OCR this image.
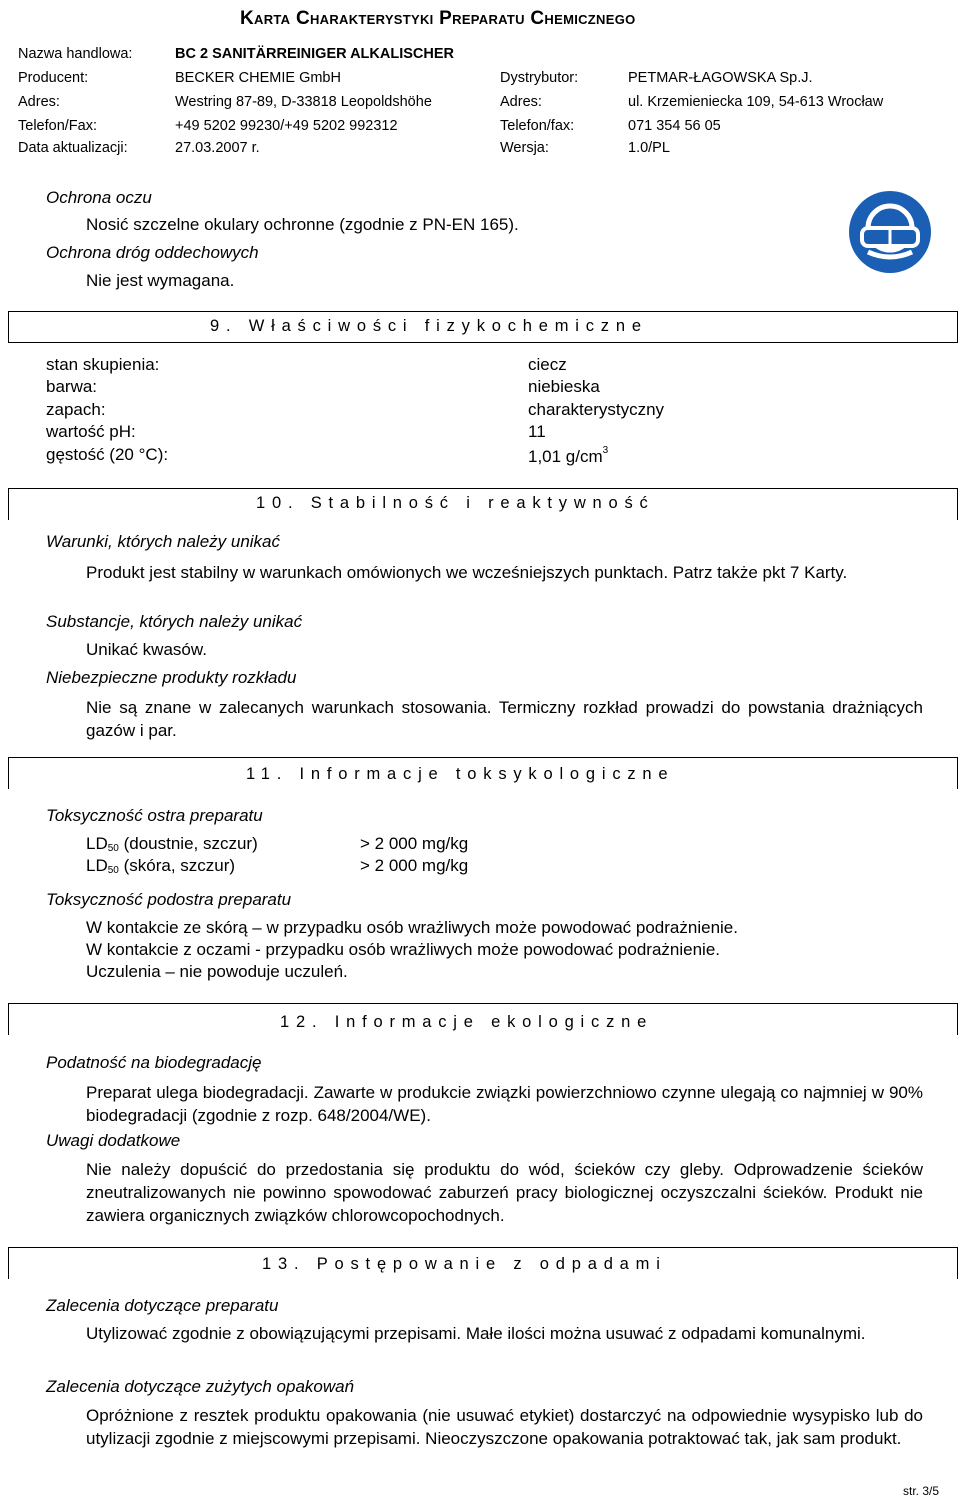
Karta Charakterystyki Preparatu Chemicznego
Nazwa handlowa:	BC 2 SANITÄRREINIGER ALKALISCHER
Producent:	BECKER CHEMIE GmbH	Dystrybutor:	PETMAR-ŁAGOWSKA Sp.J.
Adres:	Westring 87-89, D-33818 Leopoldshöhe	Adres:	ul. Krzemieniecka 109, 54-613 Wrocław
Telefon/Fax:	+49 5202 99230/+49 5202 992312	Telefon/fax:	071 354 56 05
Data aktualizacji:	27.03.2007 r.	Wersja:	1.0/PL
Ochrona oczu
Nosić szczelne okulary ochronne (zgodnie z PN-EN 165).
Ochrona dróg oddechowych
Nie jest wymagana.
9. Właściwości fizykochemiczne
stan skupienia:	ciecz
barwa:	niebieska
zapach:	charakterystyczny
wartość pH:	11
gęstość (20 °C):	1,01 $g/cm^3$
10. Stabilność i reaktywność
Warunki, których należy unikać
Produkt jest stabilny w warunkach omówionych we wcześniejszych punktach. Patrz także pkt 7 Karty.
Substancje, których należy unikać
Unikać kwasów.
Niebezpieczne produkty rozkładu
Nie są znane w zalecanych warunkach stosowania. Termiczny rozkład prowadzi do powstania drażniących gazów i par.
11. Informacje toksykologiczne
Toksyczność ostra preparatu
$LD_{50}$ (doustnie, szczur)	> 2 000 mg/kg
$LD_{50}$ (skóra, szczur)	> 2 000 mg/kg
Toksyczność podostra preparatu
W kontakcie ze skórą – w przypadku osób wrażliwych może powodować podrażnienie.
W kontakcie z oczami - przypadku osób wrażliwych może powodować podrażnienie.
Uczulenia – nie powoduje uczuleń.
12. Informacje ekologiczne
Podatność na biodegradację
Preparat ulega biodegradacji. Zawarte w produkcie związki powierzchniowo czynne ulegają co najmniej w 90% biodegradacji (zgodnie z rozp. 648/2004/WE).
Uwagi dodatkowe
Nie należy dopuścić do przedostania się produktu do wód, ścieków czy gleby. Odprowadzenie ścieków zneutralizowanych nie powinno spowodować zaburzeń pracy biologicznej oczyszczalni ścieków. Produkt nie zawiera organicznych związków chlorowcopochodnych.
13. Postępowanie z odpadami
Zalecenia dotyczące preparatu
Utylizować zgodnie z obowiązującymi przepisami. Małe ilości można usuwać z odpadami komunalnymi.
Zalecenia dotyczące zużytych opakowań
Opróżnione z resztek produktu opakowania (nie usuwać etykiet) dostarczyć na odpowiednie wysypisko lub do utylizacji zgodnie z miejscowymi przepisami. Nieoczyszczone opakowania potraktować tak, jak sam produkt.
str. 3/5
